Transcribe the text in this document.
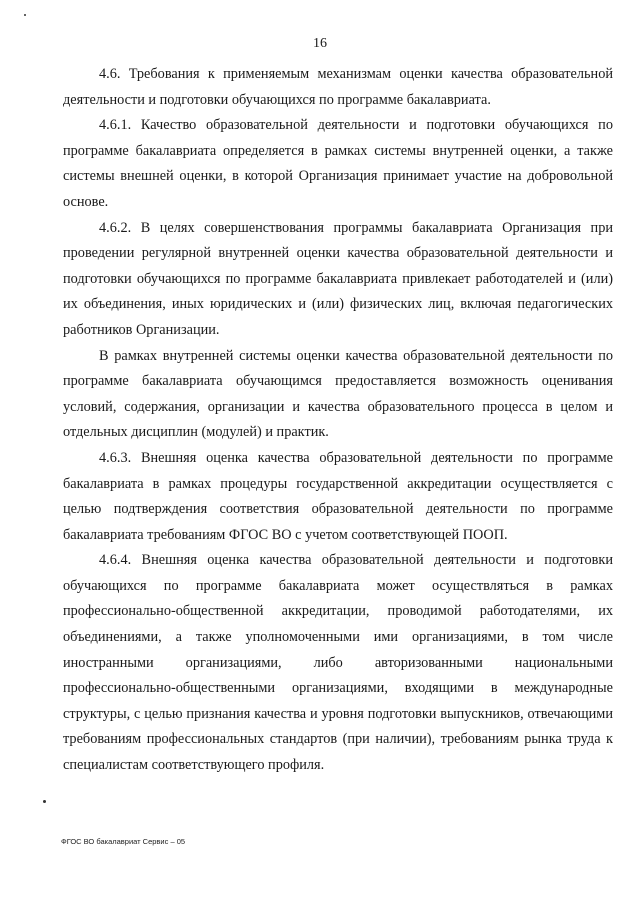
16

4.6. Требования к применяемым механизмам оценки качества образовательной деятельности и подготовки обучающихся по программе бакалавриата.

4.6.1. Качество образовательной деятельности и подготовки обучающихся по программе бакалавриата определяется в рамках системы внутренней оценки, а также системы внешней оценки, в которой Организация принимает участие на добровольной основе.

4.6.2. В целях совершенствования программы бакалавриата Организация при проведении регулярной внутренней оценки качества образовательной деятельности и подготовки обучающихся по программе бакалавриата привлекает работодателей и (или) их объединения, иных юридических и (или) физических лиц, включая педагогических работников Организации.

В рамках внутренней системы оценки качества образовательной деятельности по программе бакалавриата обучающимся предоставляется возможность оценивания условий, содержания, организации и качества образовательного процесса в целом и отдельных дисциплин (модулей) и практик.

4.6.3. Внешняя оценка качества образовательной деятельности по программе бакалавриата в рамках процедуры государственной аккредитации осуществляется с целью подтверждения соответствия образовательной деятельности по программе бакалавриата требованиям ФГОС ВО с учетом соответствующей ПООП.

4.6.4. Внешняя оценка качества образовательной деятельности и подготовки обучающихся по программе бакалавриата может осуществляться в рамках профессионально-общественной аккредитации, проводимой работодателями, их объединениями, а также уполномоченными ими организациями, в том числе иностранными организациями, либо авторизованными национальными профессионально-общественными организациями, входящими в международные структуры, с целью признания качества и уровня подготовки выпускников, отвечающими требованиям профессиональных стандартов (при наличии), требованиям рынка труда к специалистам соответствующего профиля.

ФГОС ВО бакалавриат Сервис – 05
